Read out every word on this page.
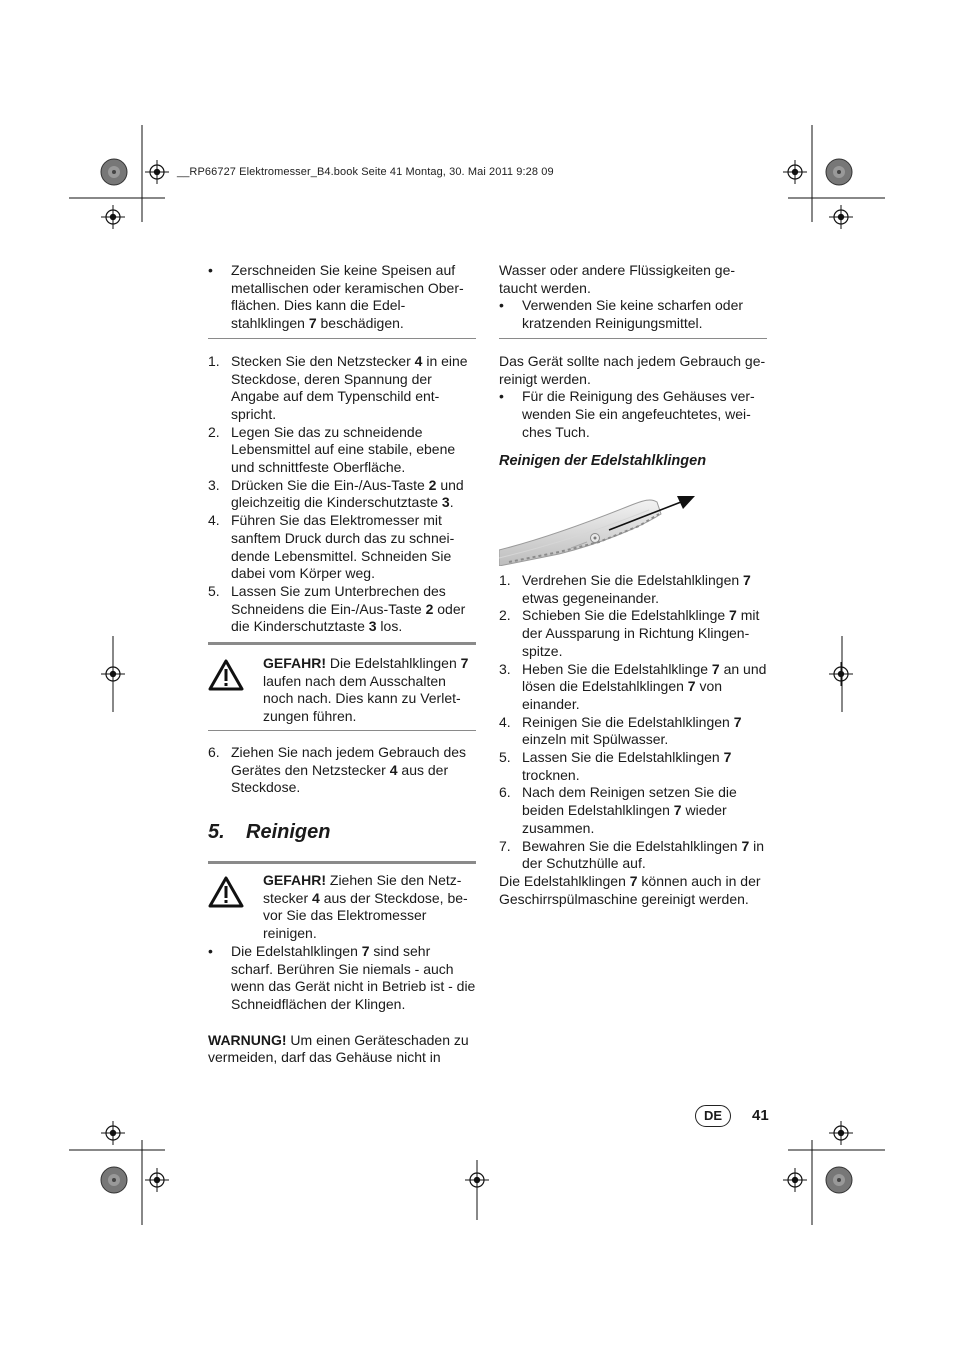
__RP66727 Elektromesser_B4.book Seite 41 Montag, 30. Mai 2011 9:28 09
• Zerschneiden Sie keine Speisen auf metallischen oder keramischen Ober-flächen. Dies kann die Edel-stahlklingen 7 beschädigen.
1. Stecken Sie den Netzstecker 4 in eine Steckdose, deren Spannung der Angabe auf dem Typenschild ent-spricht.
2. Legen Sie das zu schneidende Lebensmittel auf eine stabile, ebene und schnittfeste Oberfläche.
3. Drücken Sie die Ein-/Aus-Taste 2 und gleichzeitig die Kinderschutztaste 3.
4. Führen Sie das Elektromesser mit sanftem Druck durch das zu schnei-dende Lebensmittel. Schneiden Sie dabei vom Körper weg.
5. Lassen Sie zum Unterbrechen des Schneidens die Ein-/Aus-Taste 2 oder die Kinderschutztaste 3 los.
GEFAHR! Die Edelstahlklingen 7 laufen nach dem Ausschalten noch nach. Dies kann zu Verlet-zungen führen.
6. Ziehen Sie nach jedem Gebrauch des Gerätes den Netzstecker 4 aus der Steckdose.
5. Reinigen
GEFAHR! Ziehen Sie den Netz-stecker 4 aus der Steckdose, be-vor Sie das Elektromesser reinigen.
• Die Edelstahlklingen 7 sind sehr scharf. Berühren Sie niemals - auch wenn das Gerät nicht in Betrieb ist - die Schneidflächen der Klingen.
WARNUNG! Um einen Geräteschaden zu vermeiden, darf das Gehäuse nicht in
Wasser oder andere Flüssigkeiten ge-taucht werden.
• Verwenden Sie keine scharfen oder kratzenden Reinigungsmittel.
Das Gerät sollte nach jedem Gebrauch ge-reinigt werden.
• Für die Reinigung des Gehäuses ver-wenden Sie ein angefeuchtetes, wei-ches Tuch.
Reinigen der Edelstahlklingen
1. Verdrehen Sie die Edelstahlklingen 7 etwas gegeneinander.
2. Schieben Sie die Edelstahlklinge 7 mit der Aussparung in Richtung Klingen-spitze.
3. Heben Sie die Edelstahlklinge 7 an und lösen die Edelstahlklingen 7 von einander.
4. Reinigen Sie die Edelstahlklingen 7 einzeln mit Spülwasser.
5. Lassen Sie die Edelstahlklingen 7 trocknen.
6. Nach dem Reinigen setzen Sie die beiden Edelstahlklingen 7 wieder zusammen.
7. Bewahren Sie die Edelstahlklingen 7 in der Schutzhülle auf.
Die Edelstahlklingen 7 können auch in der Geschirrspülmaschine gereinigt werden.
DE	41
